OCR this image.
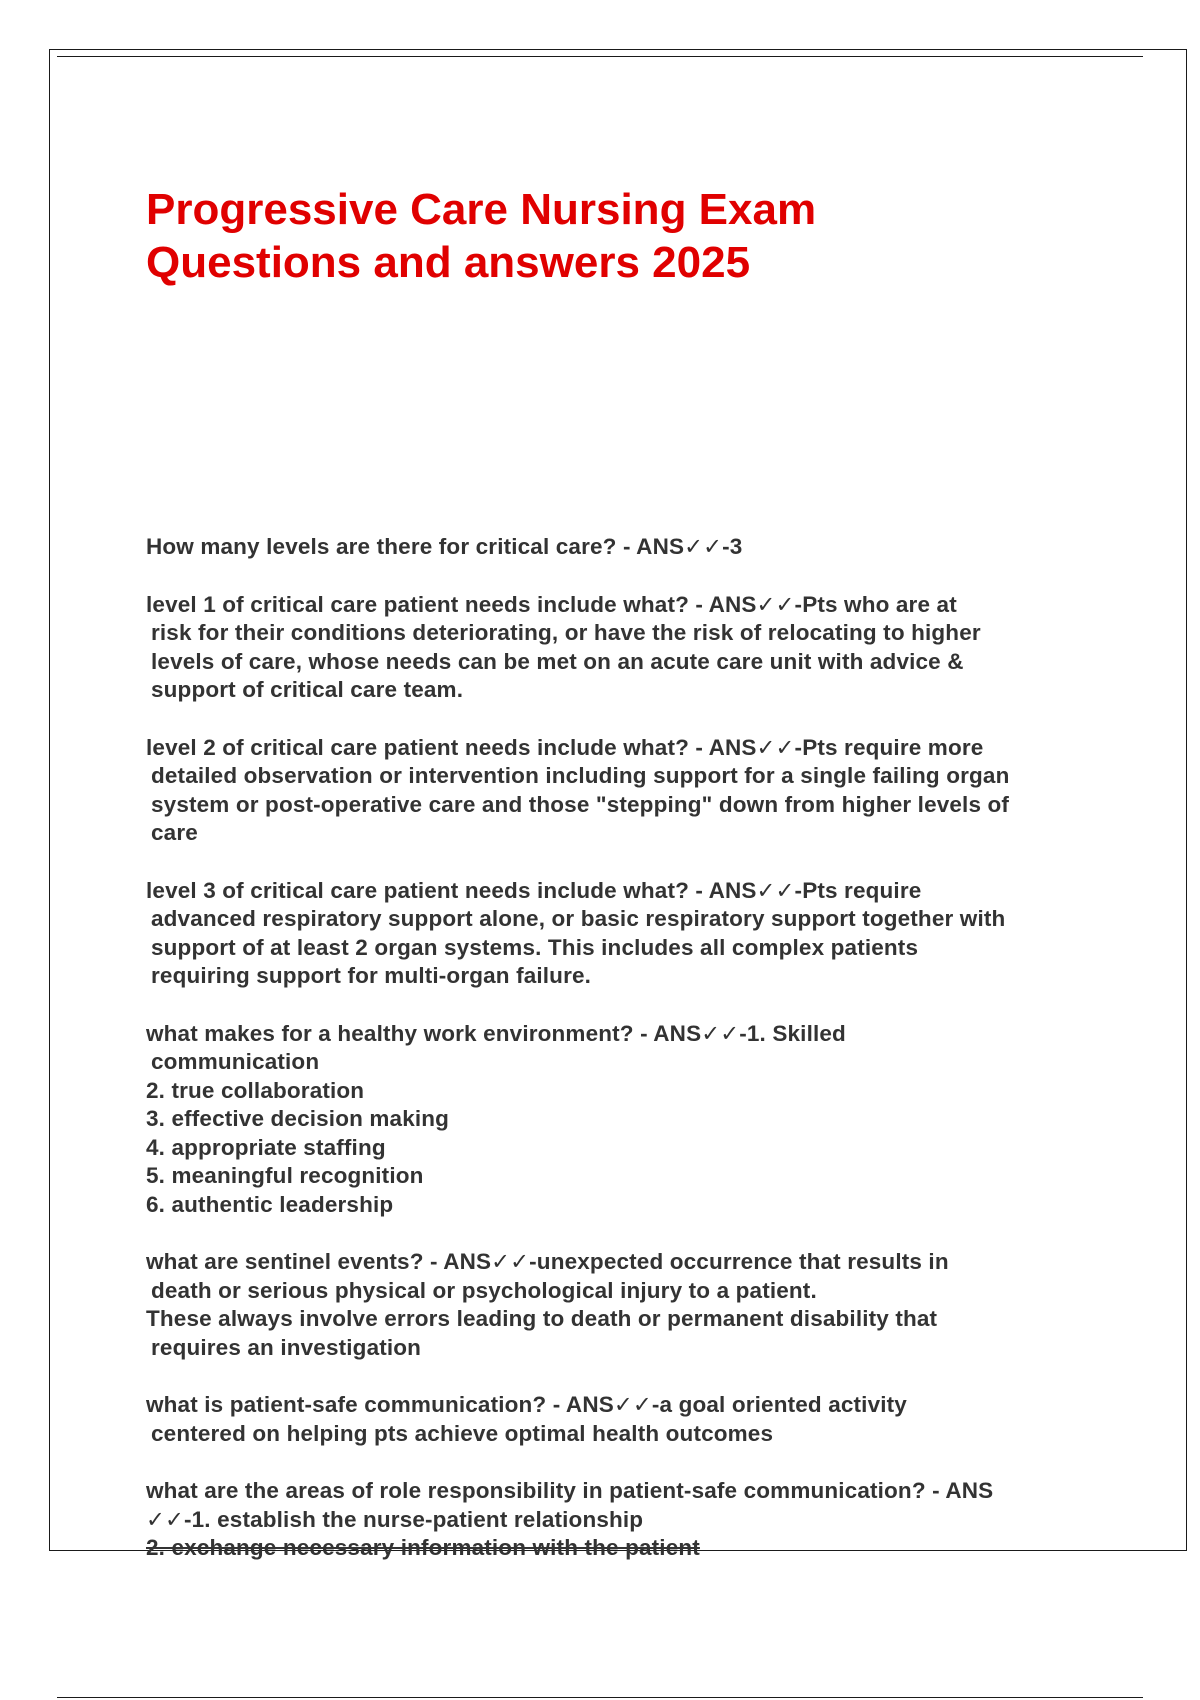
Progressive Care Nursing Exam
Questions and answers 2025
How many levels are there for critical care? - ANS✓✓-3
level 1 of critical care patient needs include what? - ANS✓✓-Pts who are at
risk for their conditions deteriorating, or have the risk of relocating to higher
levels of care, whose needs can be met on an acute care unit with advice &
support of critical care team.
level 2 of critical care patient needs include what? - ANS✓✓-Pts require more
detailed observation or intervention including support for a single failing organ
system or post-operative care and those "stepping" down from higher levels of
care
level 3 of critical care patient needs include what? - ANS✓✓-Pts require
advanced respiratory support alone, or basic respiratory support together with
support of at least 2 organ systems. This includes all complex patients
requiring support for multi-organ failure.
what makes for a healthy work environment? - ANS✓✓-1. Skilled
communication
2. true collaboration
3. effective decision making
4. appropriate staffing
5. meaningful recognition
6. authentic leadership
what are sentinel events? - ANS✓✓-unexpected occurrence that results in
death or serious physical or psychological injury to a patient.
These always involve errors leading to death or permanent disability that
requires an investigation
what is patient-safe communication? - ANS✓✓-a goal oriented activity
centered on helping pts achieve optimal health outcomes
what are the areas of role responsibility in patient-safe communication? - ANS
✓✓-1. establish the nurse-patient relationship
2. exchange necessary information with the patient
